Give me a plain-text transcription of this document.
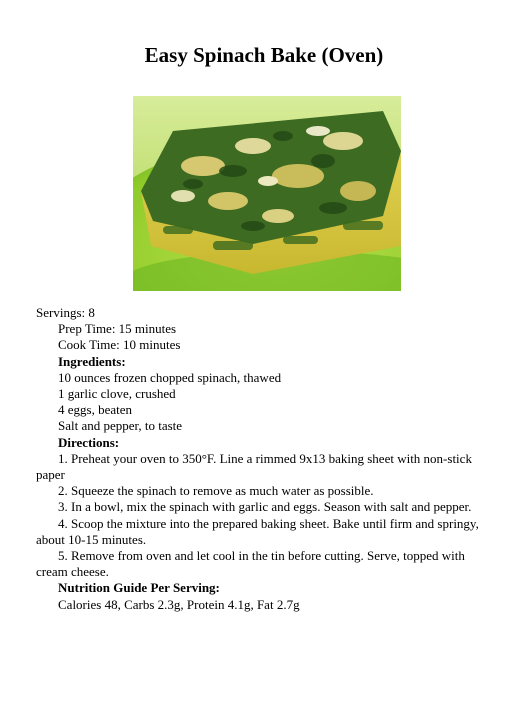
Easy Spinach Bake (Oven)

Servings: 8

Prep Time: 15 minutes

Cook Time: 10 minutes

Ingredients:

10 ounces frozen chopped spinach, thawed

1 garlic clove, crushed

4 eggs, beaten

Salt and pepper, to taste

Directions:

1. Preheat your oven to 350°F. Line a rimmed 9x13 baking sheet with non-stick paper

2. Squeeze the spinach to remove as much water as possible.

3. In a bowl, mix the spinach with garlic and eggs. Season with salt and pepper.

4. Scoop the mixture into the prepared baking sheet. Bake until firm and springy, about 10-15 minutes.

5. Remove from oven and let cool in the tin before cutting. Serve, topped with cream cheese.

Nutrition Guide Per Serving:

Calories 48, Carbs 2.3g, Protein 4.1g, Fat 2.7g
